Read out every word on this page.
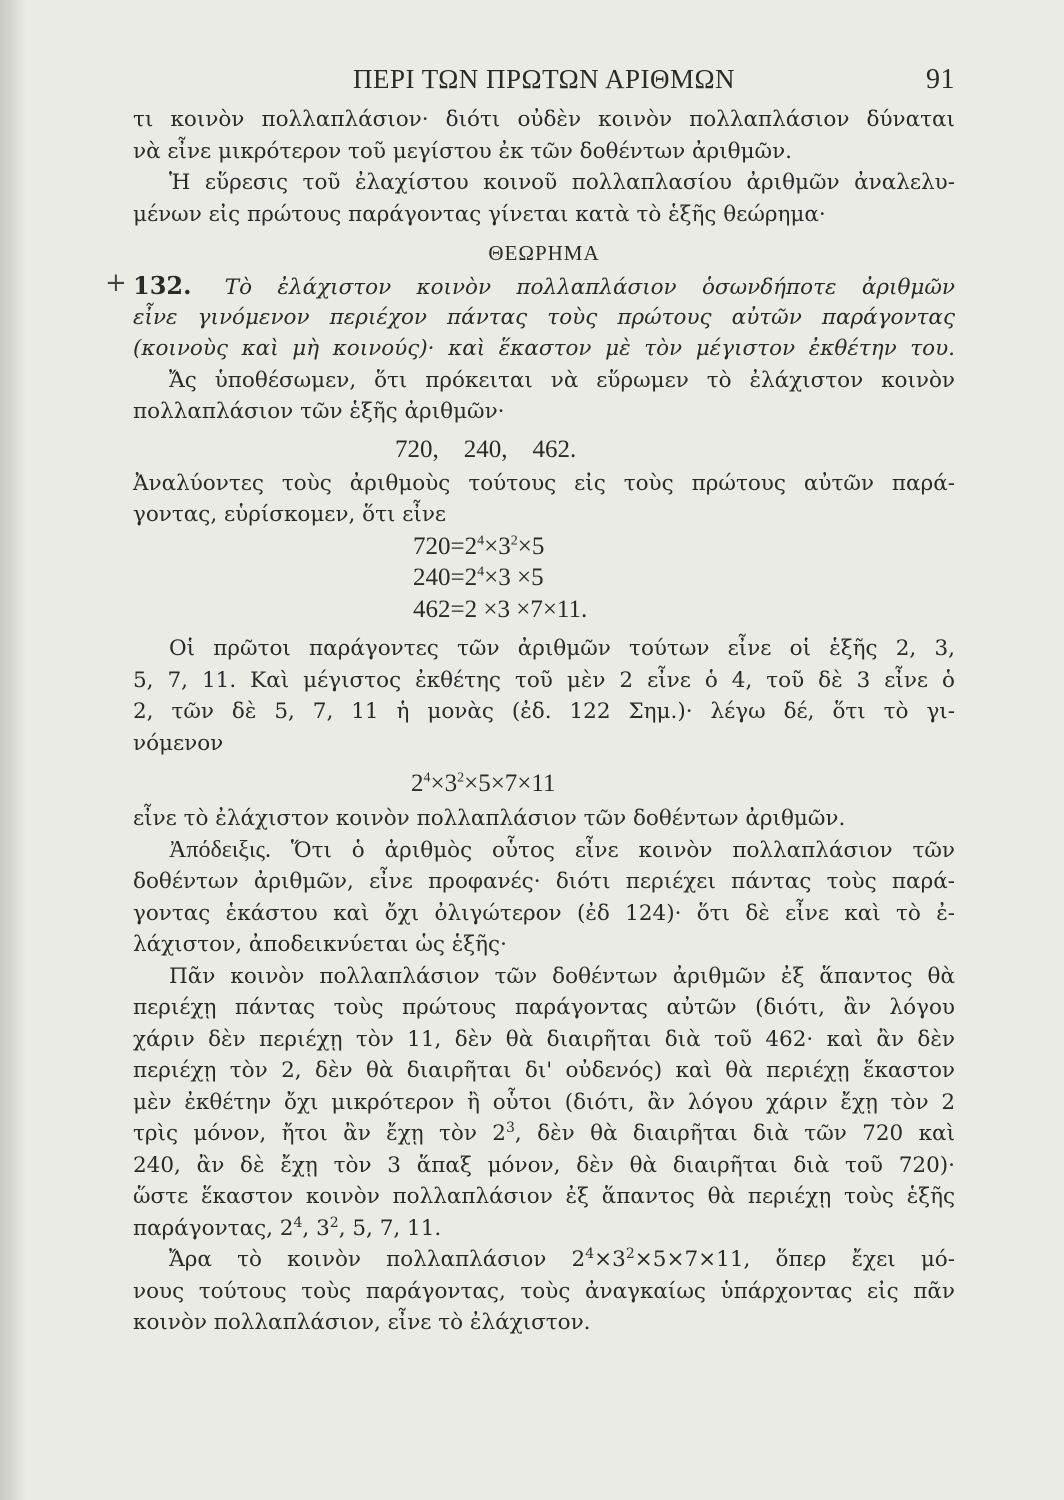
ΠΕΡΙ ΤΩΝ ΠΡΩΤΩΝ ΑΡΙΘΜΩΝ	91
τι κοινὸν πολλαπλάσιον· διότι οὐδὲν κοινὸν πολλαπλάσιον δύναται
νὰ εἶνε μικρότερον τοῦ μεγίστου ἐκ τῶν δοθέντων ἀριθμῶν.
Ἡ εὕρεσις τοῦ ἐλαχίστου κοινοῦ πολλαπλασίου ἀριθμῶν ἀναλελυ-
μένων εἰς πρώτους παράγοντας γίνεται κατὰ τὸ ἑξῆς θεώρημα·
ΘΕΩΡΗΜΑ
+ 132. Τὸ ἐλάχιστον κοινὸν πολλαπλάσιον ὁσωνδήποτε ἀριθμῶν
εἶνε γινόμενον περιέχον πάντας τοὺς πρώτους αὐτῶν παράγοντας
(κοινοὺς καὶ μὴ κοινούς)· καὶ ἕκαστον μὲ τὸν μέγιστον ἐκθέτην του.
Ἄς ὑποθέσωμεν, ὅτι πρόκειται νὰ εὕρωμεν τὸ ἐλάχιστον κοινὸν
πολλαπλάσιον τῶν ἑξῆς ἀριθμῶν·
720,    240,    462.
Ἀναλύοντες τοὺς ἀριθμοὺς τούτους εἰς τοὺς πρώτους αὐτῶν παρά-
γοντας, εὑρίσκομεν, ὅτι εἶνε
$720=2^4\times 3^2\times 5$
$240=2^4\times 3 \times 5$
462=2 ×3 ×7×11.
Οἱ πρῶτοι παράγοντες τῶν ἀριθμῶν τούτων εἶνε οἱ ἑξῆς 2, 3,
5, 7, 11. Καὶ μέγιστος ἐκθέτης τοῦ μὲν 2 εἶνε ὁ 4, τοῦ δὲ 3 εἶνε ὁ
2, τῶν δὲ 5, 7, 11 ἡ μονὰς (ἐδ. 122 Σημ.)· λέγω δέ, ὅτι τὸ γι-
νόμενον
$2^4\times 3^2\times 5\times 7\times 11$
εἶνε τὸ ἐλάχιστον κοινὸν πολλαπλάσιον τῶν δοθέντων ἀριθμῶν.
Ἀπόδειξις. Ὅτι ὁ ἀριθμὸς οὗτος εἶνε κοινὸν πολλαπλάσιον τῶν
δοθέντων ἀριθμῶν, εἶνε προφανές· διότι περιέχει πάντας τοὺς παρά-
γοντας ἑκάστου καὶ ὄχι ὀλιγώτερον (ἐδ 124)· ὅτι δὲ εἶνε καὶ τὸ ἐ-
λάχιστον, ἀποδεικνύεται ὡς ἑξῆς·
Πᾶν κοινὸν πολλαπλάσιον τῶν δοθέντων ἀριθμῶν ἐξ ἅπαντος θὰ
περιέχῃ πάντας τοὺς πρώτους παράγοντας αὐτῶν (διότι, ἂν λόγου
χάριν δὲν περιέχῃ τὸν 11, δὲν θὰ διαιρῆται διὰ τοῦ 462· καὶ ἂν δὲν
περιέχῃ τὸν 2, δὲν θὰ διαιρῆται δι' οὐδενός) καὶ θὰ περιέχῃ ἕκαστον
μὲν ἐκθέτην ὄχι μικρότερον ἢ οὗτοι (διότι, ἂν λόγου χάριν ἔχῃ τὸν 2
τρὶς μόνον, ἤτοι ἂν ἔχῃ τὸν $2^3$, δὲν θὰ διαιρῆται διὰ τῶν 720 καὶ
240, ἂν δὲ ἔχῃ τὸν 3 ἅπαξ μόνον, δὲν θὰ διαιρῆται διὰ τοῦ 720)·
ὥστε ἕκαστον κοινὸν πολλαπλάσιον ἐξ ἅπαντος θὰ περιέχῃ τοὺς ἑξῆς
παράγοντας, $2^4$, $3^2$, 5, 7, 11.
Ἄρα τὸ κοινὸν πολλαπλάσιον $2^4\times 3^2\times 5\times 7\times 11$, ὅπερ ἔχει μό-
νους τούτους τοὺς παράγοντας, τοὺς ἀναγκαίως ὑπάρχοντας εἰς πᾶν
κοινὸν πολλαπλάσιον, εἶνε τὸ ἐλάχιστον.
